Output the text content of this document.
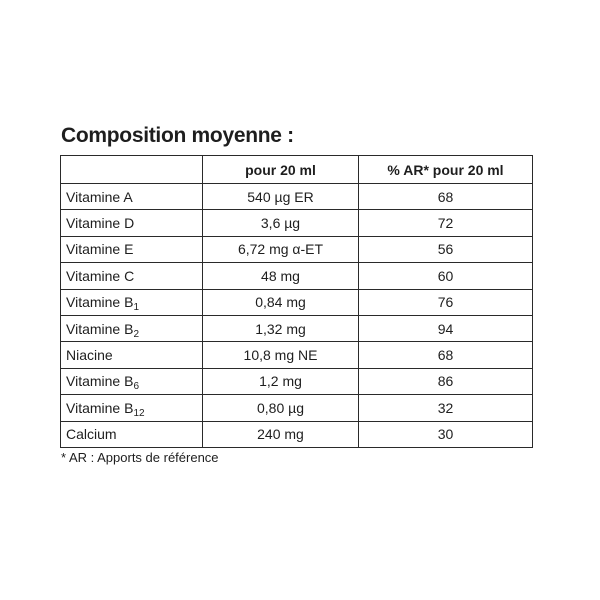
Composition moyenne :
	pour 20 ml	% AR* pour 20 ml
Vitamine A	540 µg ER	68
Vitamine D	3,6 µg	72
Vitamine E	6,72 mg α-ET	56
Vitamine C	48 mg	60
Vitamine $B_1$	0,84 mg	76
Vitamine $B_2$	1,32 mg	94
Niacine	10,8 mg NE	68
Vitamine $B_6$	1,2 mg	86
Vitamine $B_{12}$	0,80 µg	32
Calcium	240 mg	30
* AR : Apports de référence
